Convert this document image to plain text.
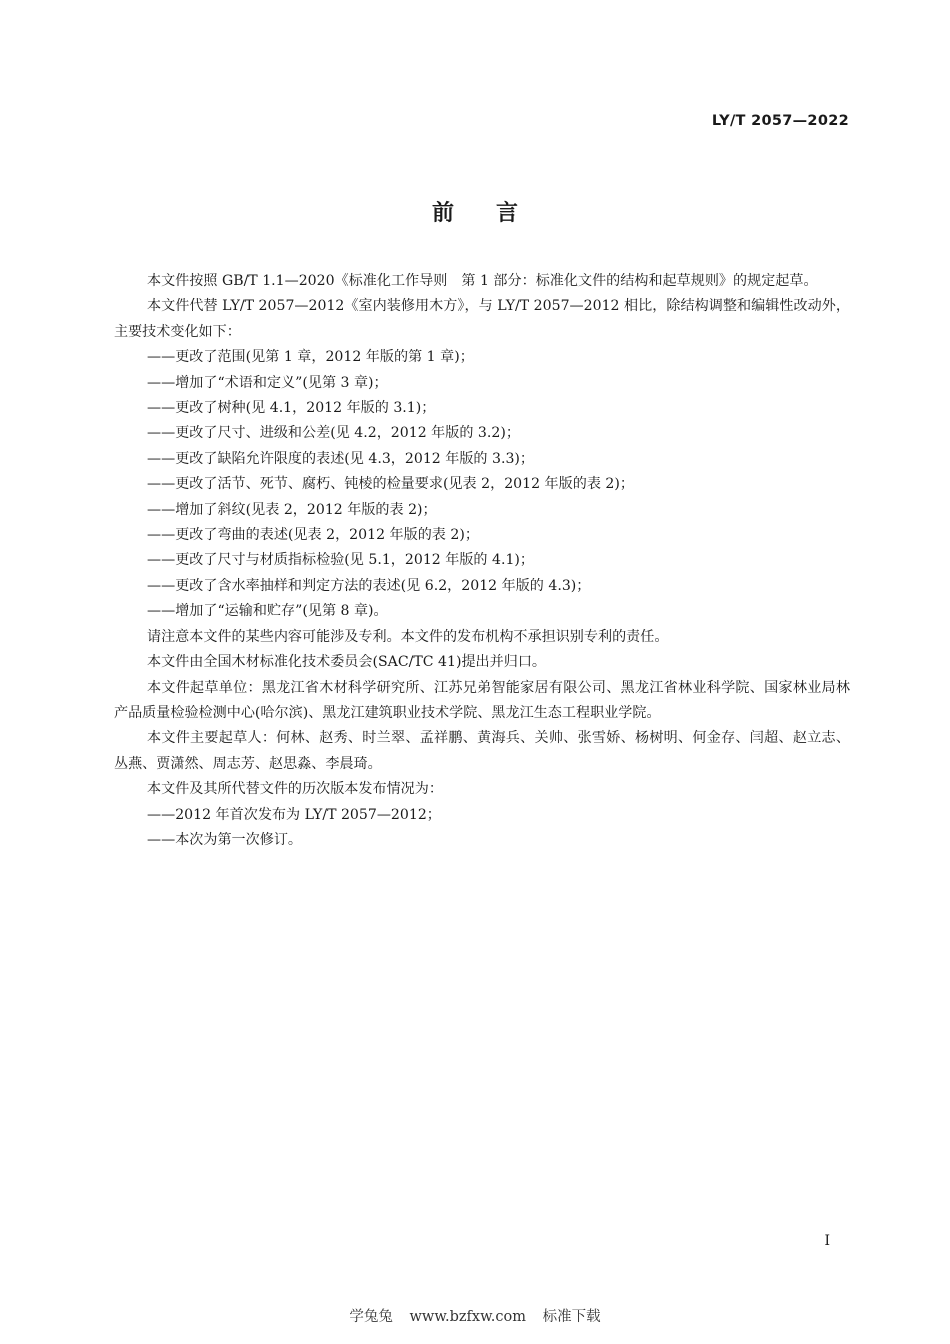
LY/T 2057—2022
前 言

本文件按照 GB/T 1.1—2020《标准化工作导则　第 1 部分：标准化文件的结构和起草规则》的规定起草。

本文件代替 LY/T 2057—2012《室内装修用木方》，与 LY/T 2057—2012 相比，除结构调整和编辑性改动外，主要技术变化如下：

——更改了范围(见第 1 章，2012 年版的第 1 章)；

——增加了“术语和定义”(见第 3 章)；

——更改了树种(见 4.1，2012 年版的 3.1)；

——更改了尺寸、进级和公差(见 4.2，2012 年版的 3.2)；

——更改了缺陷允许限度的表述(见 4.3，2012 年版的 3.3)；

——更改了活节、死节、腐朽、钝棱的检量要求(见表 2，2012 年版的表 2)；

——增加了斜纹(见表 2，2012 年版的表 2)；

——更改了弯曲的表述(见表 2，2012 年版的表 2)；

——更改了尺寸与材质指标检验(见 5.1，2012 年版的 4.1)；

——更改了含水率抽样和判定方法的表述(见 6.2，2012 年版的 4.3)；

——增加了“运输和贮存”(见第 8 章)。

请注意本文件的某些内容可能涉及专利。本文件的发布机构不承担识别专利的责任。

本文件由全国木材标准化技术委员会(SAC/TC 41)提出并归口。

本文件起草单位：黑龙江省木材科学研究所、江苏兄弟智能家居有限公司、黑龙江省林业科学院、国家林业局林产品质量检验检测中心(哈尔滨)、黑龙江建筑职业技术学院、黑龙江生态工程职业学院。

本文件主要起草人：何林、赵秀、时兰翠、孟祥鹏、黄海兵、关帅、张雪娇、杨树明、何金存、闫超、赵立志、丛燕、贾潇然、周志芳、赵思淼、李晨琦。

本文件及其所代替文件的历次版本发布情况为：

——2012 年首次发布为 LY/T 2057—2012；

——本次为第一次修订。

I
学兔兔 www.bzfxw.com 标准下载
